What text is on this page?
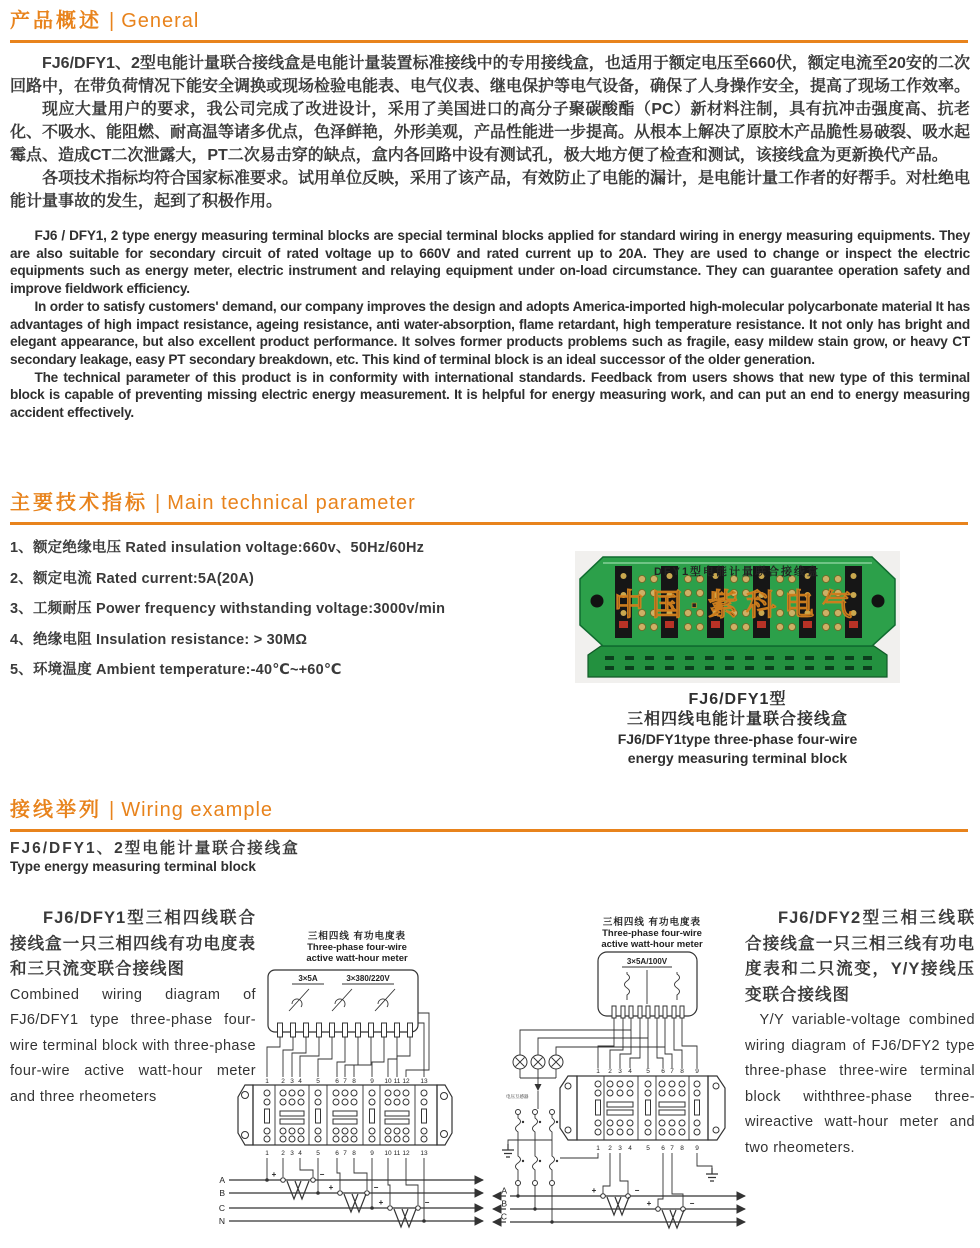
产品概述 | General

FJ6/DFY1、2型电能计量联合接线盒是电能计量装置标准接线中的专用接线盒，也适用于额定电压至660伏，额定电流至20安的二次回路中，在带负荷情况下能安全调换或现场检验电能表、电气仪表、继电保护等电气设备，确保了人身操作安全，提高了现场工作效率。

现应大量用户的要求，我公司完成了改进设计，采用了美国进口的高分子聚碳酸酯（PC）新材料注制，具有抗冲击强度高、抗老化、不吸水、能阻燃、耐高温等诸多优点，色泽鲜艳，外形美观，产品性能进一步提高。从根本上解决了原胶木产品脆性易破裂、吸水起霉点、造成CT二次泄露大，PT二次易击穿的缺点，盒内各回路中设有测试孔，极大地方便了检查和测试，该接线盒为更新换代产品。

各项技术指标均符合国家标准要求。试用单位反映，采用了该产品，有效防止了电能的漏计，是电能计量工作者的好帮手。对杜绝电能计量事故的发生，起到了积极作用。

FJ6 / DFY1, 2 type energy measuring terminal blocks are special terminal blocks applied for standard wiring in energy measuring equipments. They are also suitable for secondary circuit of rated voltage up to 660V and rated current up to 20A. They are used to change or inspect the electric equipments such as energy meter, electric instrument and relaying equipment under on-load circumstance. They can guarantee operation safety and improve fieldwork efficiency.

In order to satisfy customers' demand, our company improves the design and adopts America-imported high-molecular polycarbonate material It has advantages of high impact resistance, ageing resistance, anti water-absorption, flame retardant, high temperature resistance. It not only has bright and elegant appearance, but also excellent product performance. It solves former products problems such as fragile, easy mildew stain grow, or heavy CT secondary leakage, easy PT secondary breakdown, etc. This kind of terminal block is an ideal successor of the older generation.

The technical parameter of this product is in conformity with international standards. Feedback from users shows that new type of this terminal block is capable of preventing missing electric energy measurement. It is helpful for energy measuring work, and can put an end to energy measuring accident effectively.

主要技术指标 | Main technical parameter
1、额定绝缘电压 Rated insulation voltage:660v、50Hz/60Hz
2、额定电流 Rated current:5A(20A)
3、工频耐压 Power frequency withstanding voltage:3000v/min
4、绝缘电阻 Insulation resistance: > 30MΩ
5、环境温度 Ambient temperature:-40℃~+60℃
DFY1型电能计量联合接线盒
中国·紫科电气
FJ6/DFY1型
三相四线电能计量联合接线盒
FJ6/DFY1type three-phase four-wire
energy measuring terminal block
接线举列 | Wiring example
FJ6/DFY1、2型电能计量联合接线盒
Type energy measuring terminal block

FJ6/DFY1型三相四线联合接线盒一只三相四线有功电度表和三只流变联合接线图

Combined wiring diagram of FJ6/DFY1 type three-phase four-wire terminal block with three-phase four-wire active watt-hour meter and three rheometers

FJ6/DFY2型三相三线联合接线盒一只三相三线有功电度表和二只流变，Y/Y接线压变联合接线图

Y/Y variable-voltage combined wiring diagram of FJ6/DFY2 type three-phase three-wire terminal block withthree-phase three-wireactive watt-hour meter and two rheometers.

三相四线 有功电度表
Three-phase four-wire
active watt-hour meter
3×5A	3×380/220V
1 2 3 4 5 6 7 8 9 10 11 12 13
1 2 3 4 5 6 7 8 9 10 11 12 13
A
B
C
N
+	−
+	−
+	−
三相四线 有功电度表
Three-phase four-wire
active watt-hour meter
3×5A/100V
电压互感器
1 2 3 4 5 6 7 8 9
1 2 3 4 5 6 7 8 9
A
B
C
+	−
+	−
